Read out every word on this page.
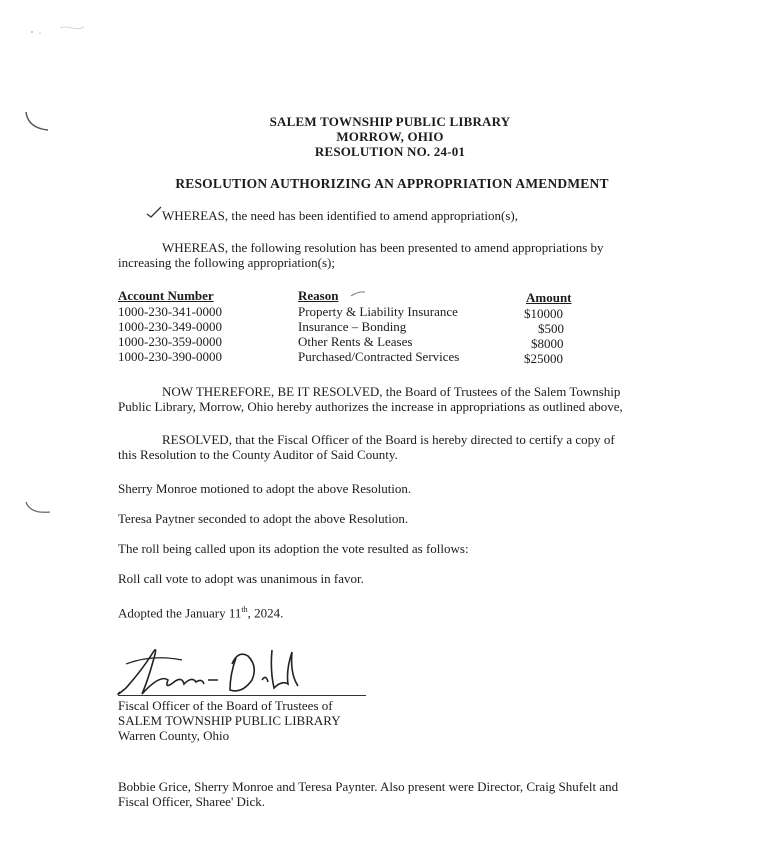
SALEM TOWNSHIP PUBLIC LIBRARY
MORROW, OHIO
RESOLUTION NO. 24-01
RESOLUTION AUTHORIZING AN APPROPRIATION AMENDMENT
WHEREAS, the need has been identified to amend appropriation(s),
WHEREAS, the following resolution has been presented to amend appropriations by
increasing the following appropriation(s);
Account Number	Reason	Amount
1000-230-341-0000	Property & Liability Insurance	$10000
1000-230-349-0000	Insurance – Bonding	$500
1000-230-359-0000	Other Rents & Leases	$8000
1000-230-390-0000	Purchased/Contracted Services	$25000
NOW THEREFORE, BE IT RESOLVED, the Board of Trustees of the Salem Township
Public Library, Morrow, Ohio hereby authorizes the increase in appropriations as outlined above,
RESOLVED, that the Fiscal Officer of the Board is hereby directed to certify a copy of
this Resolution to the County Auditor of Said County.
Sherry Monroe motioned to adopt the above Resolution.
Teresa Paytner seconded to adopt the above Resolution.
The roll being called upon its adoption the vote resulted as follows:
Roll call vote to adopt was unanimous in favor.
Adopted the January 11th, 2024.
Fiscal Officer of the Board of Trustees of
SALEM TOWNSHIP PUBLIC LIBRARY
Warren County, Ohio
Bobbie Grice, Sherry Monroe and Teresa Paynter. Also present were Director, Craig Shufelt and
Fiscal Officer, Sharee' Dick.
